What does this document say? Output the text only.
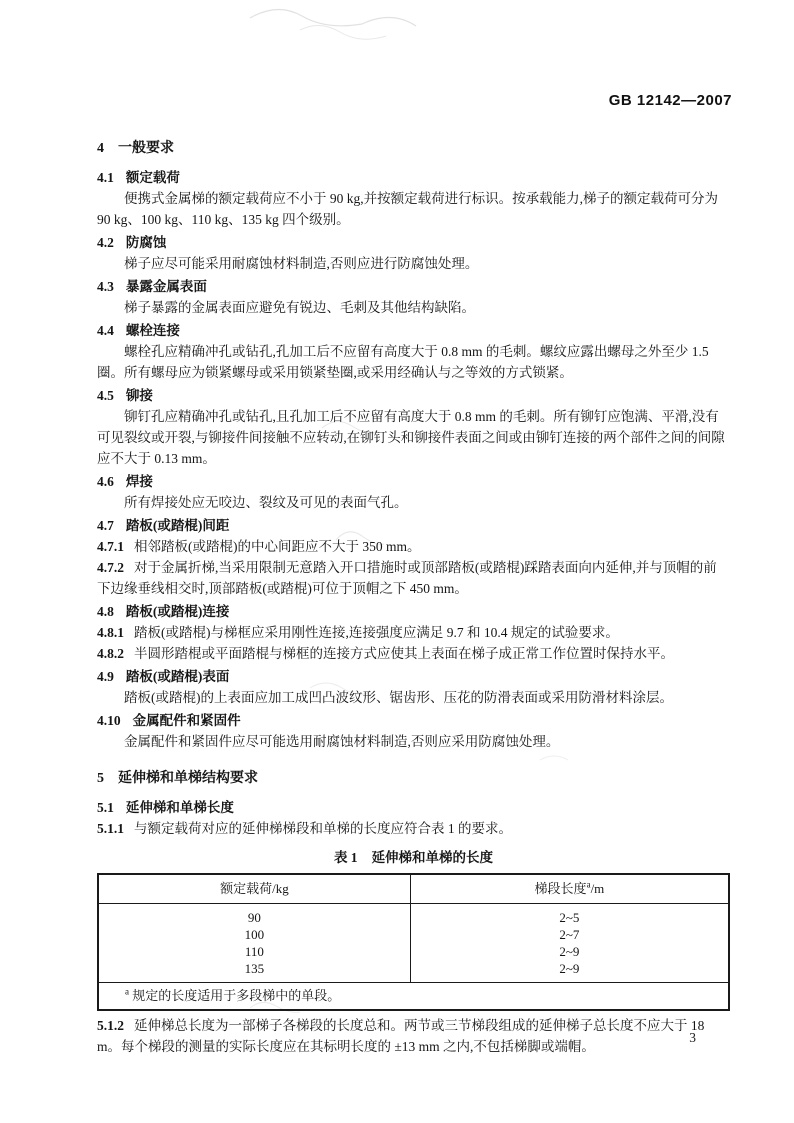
GB 12142—2007

4 一般要求

4.1 额定载荷

便携式金属梯的额定载荷应不小于 90 kg,并按额定载荷进行标识。按承载能力,梯子的额定载荷可分为 90 kg、100 kg、110 kg、135 kg 四个级别。

4.2 防腐蚀

梯子应尽可能采用耐腐蚀材料制造,否则应进行防腐蚀处理。

4.3 暴露金属表面

梯子暴露的金属表面应避免有锐边、毛刺及其他结构缺陷。

4.4 螺栓连接

螺栓孔应精确冲孔或钻孔,孔加工后不应留有高度大于 0.8 mm 的毛刺。螺纹应露出螺母之外至少 1.5 圈。所有螺母应为锁紧螺母或采用锁紧垫圈,或采用经确认与之等效的方式锁紧。

4.5 铆接

铆钉孔应精确冲孔或钻孔,且孔加工后不应留有高度大于 0.8 mm 的毛刺。所有铆钉应饱满、平滑,没有可见裂纹或开裂,与铆接件间接触不应转动,在铆钉头和铆接件表面之间或由铆钉连接的两个部件之间的间隙应不大于 0.13 mm。

4.6 焊接

所有焊接处应无咬边、裂纹及可见的表面气孔。

4.7 踏板(或踏棍)间距

4.7.1 相邻踏板(或踏棍)的中心间距应不大于 350 mm。

4.7.2 对于金属折梯,当采用限制无意踏入开口措施时或顶部踏板(或踏棍)踩踏表面向内延伸,并与顶帽的前下边缘垂线相交时,顶部踏板(或踏棍)可位于顶帽之下 450 mm。

4.8 踏板(或踏棍)连接

4.8.1 踏板(或踏棍)与梯框应采用刚性连接,连接强度应满足 9.7 和 10.4 规定的试验要求。

4.8.2 半圆形踏棍或平面踏棍与梯框的连接方式应使其上表面在梯子成正常工作位置时保持水平。

4.9 踏板(或踏棍)表面

踏板(或踏棍)的上表面应加工成凹凸波纹形、锯齿形、压花的防滑表面或采用防滑材料涂层。

4.10 金属配件和紧固件

金属配件和紧固件应尽可能选用耐腐蚀材料制造,否则应采用防腐蚀处理。

5 延伸梯和单梯结构要求

5.1 延伸梯和单梯长度

5.1.1 与额定载荷对应的延伸梯梯段和单梯的长度应符合表 1 的要求。

表 1 延伸梯和单梯的长度
额定载荷/kg	梯段长度$^a$/m
90	2~5
100	2~7
110	2~9
135	2~9
$^a$ 规定的长度适用于多段梯中的单段。	

5.1.2 延伸梯总长度为一部梯子各梯段的长度总和。两节或三节梯段组成的延伸梯子总长度不应大于 18 m。每个梯段的测量的实际长度应在其标明长度的 ±13 mm 之内,不包括梯脚或端帽。

3
